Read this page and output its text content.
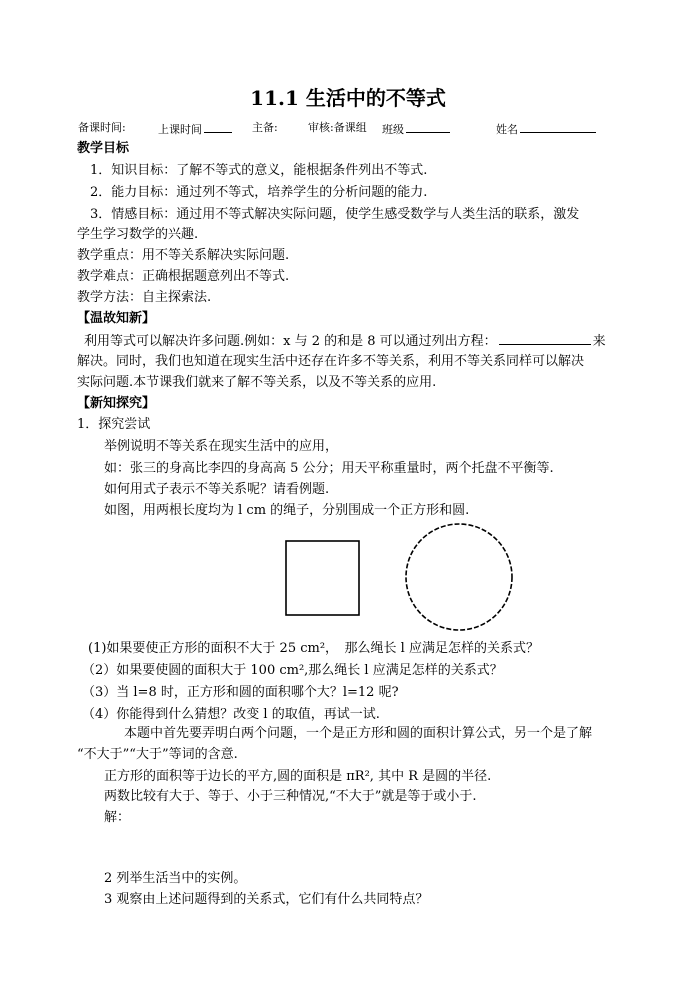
11.1 生活中的不等式
备课时间:	上课时间	主备:	审核:备课组 班级	姓名
教学目标
1．知识目标：了解不等式的意义，能根据条件列出不等式.
2．能力目标：通过列不等式，培养学生的分析问题的能力.
3．情感目标：通过用不等式解决实际问题，使学生感受数学与人类生活的联系，激发
学生学习数学的兴趣.
教学重点：用不等关系解决实际问题.
教学难点：正确根据题意列出不等式.
教学方法：自主探索法.
【温故知新】
利用等式可以解决许多问题.例如：x 与 2 的和是 8 可以通过列出方程：	来
解决。同时，我们也知道在现实生活中还存在许多不等关系，利用不等关系同样可以解决
实际问题.本节课我们就来了解不等关系，以及不等关系的应用.
【新知探究】
1．探究尝试
举例说明不等关系在现实生活中的应用，
如：张三的身高比李四的身高高 5 公分；用天平称重量时，两个托盘不平衡等.
如何用式子表示不等关系呢？请看例题.
如图，用两根长度均为 l cm 的绳子，分别围成一个正方形和圆.
(1)如果要使正方形的面积不大于 25 cm²，　那么绳长 l 应满足怎样的关系式？
（2）如果要使圆的面积大于 100 cm²,那么绳长 l 应满足怎样的关系式？
（3）当 l=8 时，正方形和圆的面积哪个大？l=12 呢?
（4）你能得到什么猜想？改变 l 的取值，再试一试.
本题中首先要弄明白两个问题，一个是正方形和圆的面积计算公式，另一个是了解
“不大于”“大于”等词的含意.
正方形的面积等于边长的平方,圆的面积是 πR², 其中 R 是圆的半径.
两数比较有大于、等于、小于三种情况,“不大于”就是等于或小于.
解：
2 列举生活当中的实例。
3 观察由上述问题得到的关系式，它们有什么共同特点？
